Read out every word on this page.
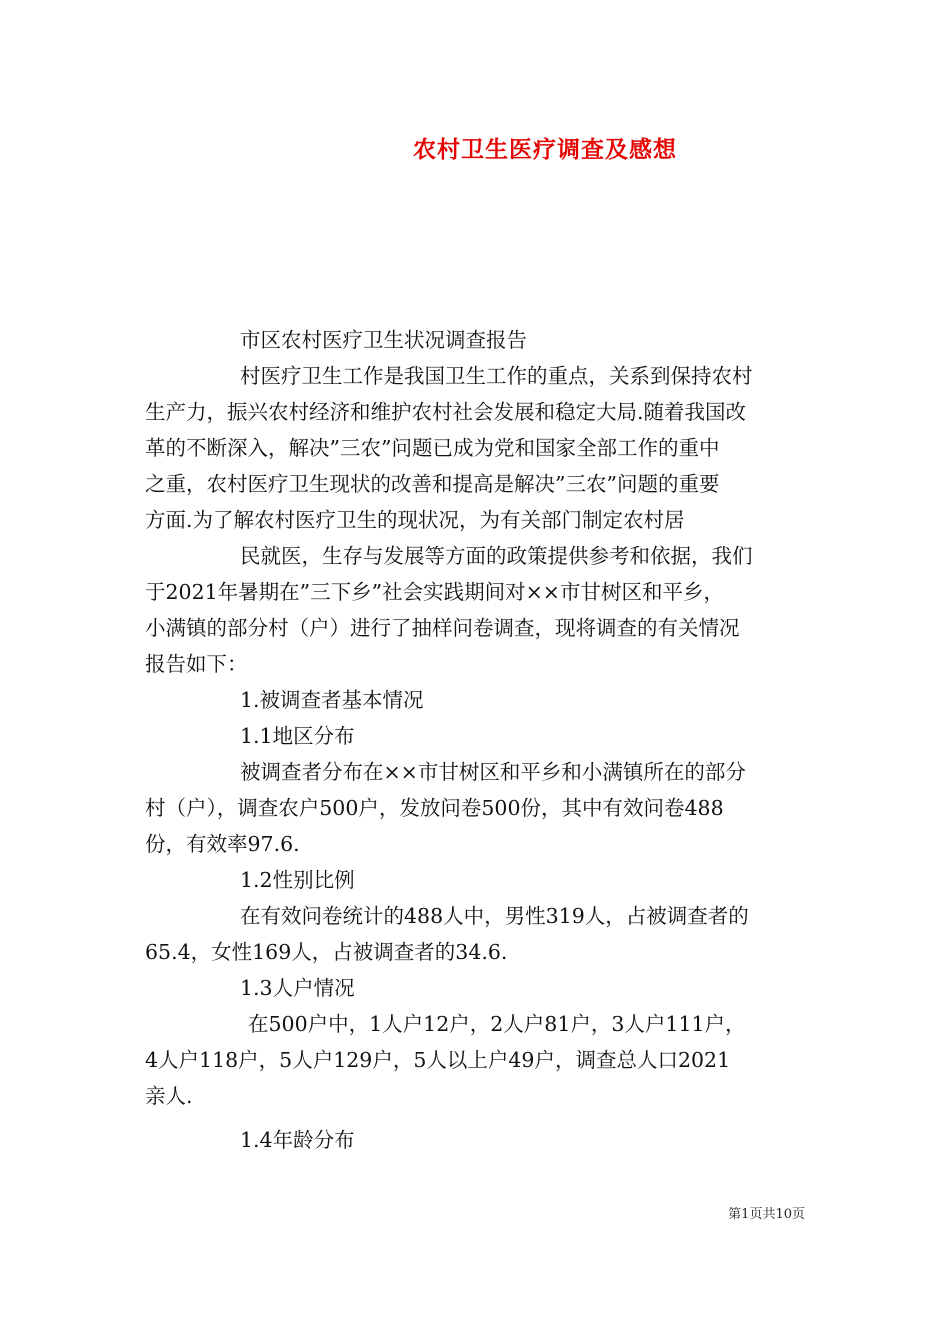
农村卫生医疗调查及感想
市区农村医疗卫生状况调查报告
村医疗卫生工作是我国卫生工作的重点，关系到保持农村
生产力，振兴农村经济和维护农村社会发展和稳定大局.随着我国改
革的不断深入，解决”三农”问题已成为党和国家全部工作的重中
之重，农村医疗卫生现状的改善和提高是解决”三农”问题的重要
方面.为了解农村医疗卫生的现状况，为有关部门制定农村居
民就医，生存与发展等方面的政策提供参考和依据，我们
于2021年暑期在”三下乡”社会实践期间对××市甘树区和平乡，
小满镇的部分村（户）进行了抽样问卷调查，现将调查的有关情况
报告如下：
1.被调查者基本情况
1.1地区分布
被调查者分布在××市甘树区和平乡和小满镇所在的部分
村（户），调查农户500户，发放问卷500份，其中有效问卷488
份，有效率97.6.
1.2性别比例
在有效问卷统计的488人中，男性319人，占被调查者的
65.4，女性169人，占被调查者的34.6.
1.3人户情况
在500户中，1人户12户，2人户81户，3人户111户，
4人户118户，5人户129户，5人以上户49户，调查总人口2021
亲人.
1.4年龄分布
第1页共10页
